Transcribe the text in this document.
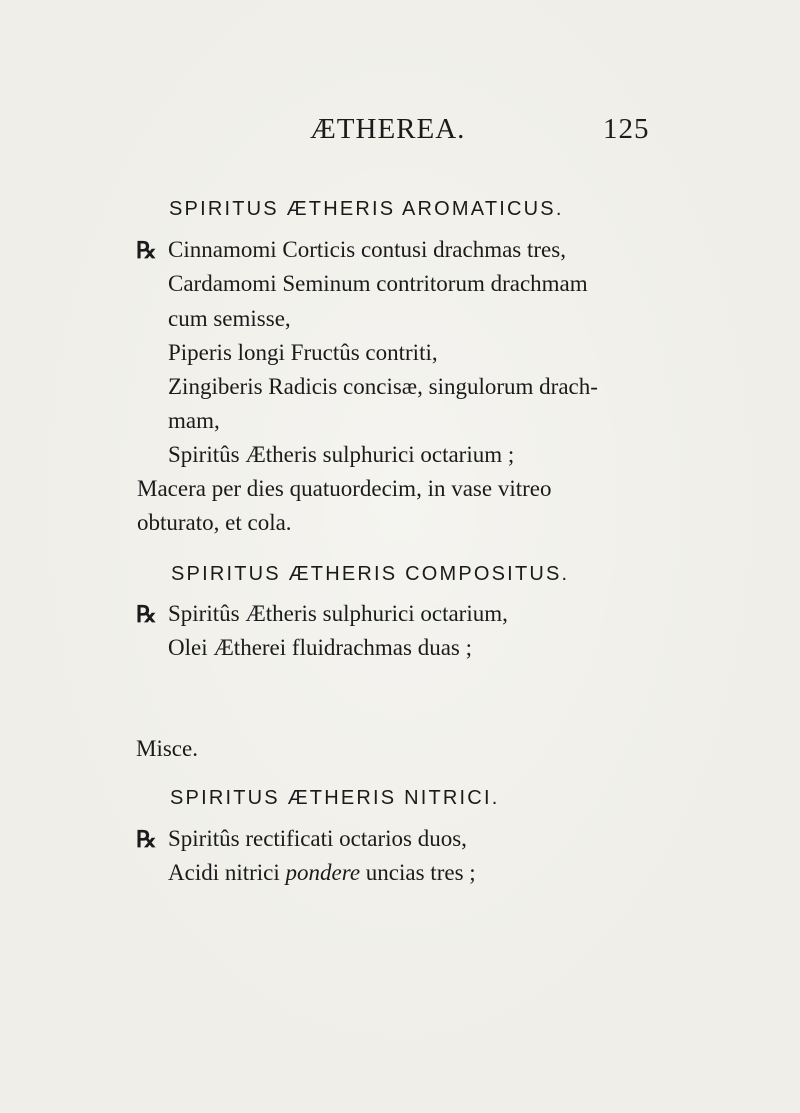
ÆTHEREA.	125
SPIRITUS ÆTHERIS AROMATICUS.
℞ Cinnamomi Corticis contusi drachmas tres,
Cardamomi Seminum contritorum drachmam
cum semisse,
Piperis longi Fructûs contriti,
Zingiberis Radicis concisæ, singulorum drach-
mam,
Spiritûs Ætheris sulphurici octarium ;
Macera per dies quatuordecim, in vase vitreo
obturato, et cola.
SPIRITUS ÆTHERIS COMPOSITUS.
℞ Spiritûs Ætheris sulphurici octarium,
Olei Ætherei fluidrachmas duas ;
Misce.
SPIRITUS ÆTHERIS NITRICI.
℞ Spiritûs rectificati octarios duos,
Acidi nitrici pondere uncias tres ;
